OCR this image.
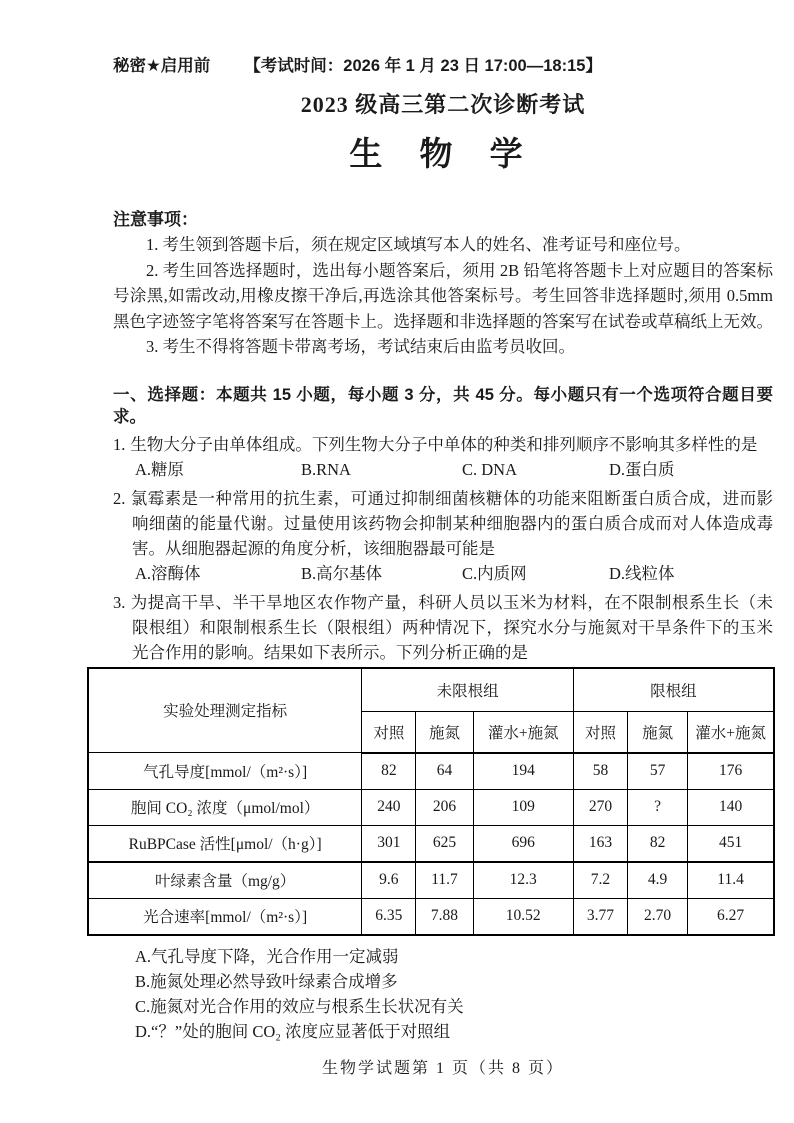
秘密★启用前 【考试时间：2026 年 1 月 23 日 17:00—18:15】
2023 级高三第二次诊断考试
生 物 学
注意事项：

1. 考生领到答题卡后，须在规定区域填写本人的姓名、准考证号和座位号。

2. 考生回答选择题时，选出每小题答案后，须用 2B 铅笔将答题卡上对应题目的答案标号涂黑,如需改动,用橡皮擦干净后,再选涂其他答案标号。考生回答非选择题时,须用 0.5mm 黑色字迹签字笔将答案写在答题卡上。选择题和非选择题的答案写在试卷或草稿纸上无效。

3. 考生不得将答题卡带离考场，考试结束后由监考员收回。

一、选择题：本题共 15 小题，每小题 3 分，共 45 分。每小题只有一个选项符合题目要求。

1. 生物大分子由单体组成。下列生物大分子中单体的种类和排列顺序不影响其多样性的是

A.糖原	B.RNA	C. DNA	D.蛋白质

2. 氯霉素是一种常用的抗生素，可通过抑制细菌核糖体的功能来阻断蛋白质合成，进而影响细菌的能量代谢。过量使用该药物会抑制某种细胞器内的蛋白质合成而对人体造成毒害。从细胞器起源的角度分析，该细胞器最可能是

A.溶酶体	B.高尔基体	C.内质网	D.线粒体

3. 为提高干旱、半干旱地区农作物产量，科研人员以玉米为材料，在不限制根系生长（未限根组）和限制根系生长（限根组）两种情况下，探究水分与施氮对干旱条件下的玉米光合作用的影响。结果如下表所示。下列分析正确的是

实验处理测定指标	未限根组			限根组		
	对照	施氮	灌水+施氮	对照	施氮	灌水+施氮
气孔导度[mmol/（m²·s）]	82	64	194	58	57	176
胞间 CO₂ 浓度（μmol/mol）	240	206	109	270	?	140
RuBPCase 活性[μmol/（h·g）]	301	625	696	163	82	451
叶绿素含量（mg/g）	9.6	11.7	12.3	7.2	4.9	11.4
光合速率[mmol/（m²·s）]	6.35	7.88	10.52	3.77	2.70	6.27

A.气孔导度下降，光合作用一定减弱

B.施氮处理必然导致叶绿素合成增多

C.施氮对光合作用的效应与根系生长状况有关

D.“？”处的胞间 CO₂ 浓度应显著低于对照组

生物学试题第 1 页（共 8 页）
